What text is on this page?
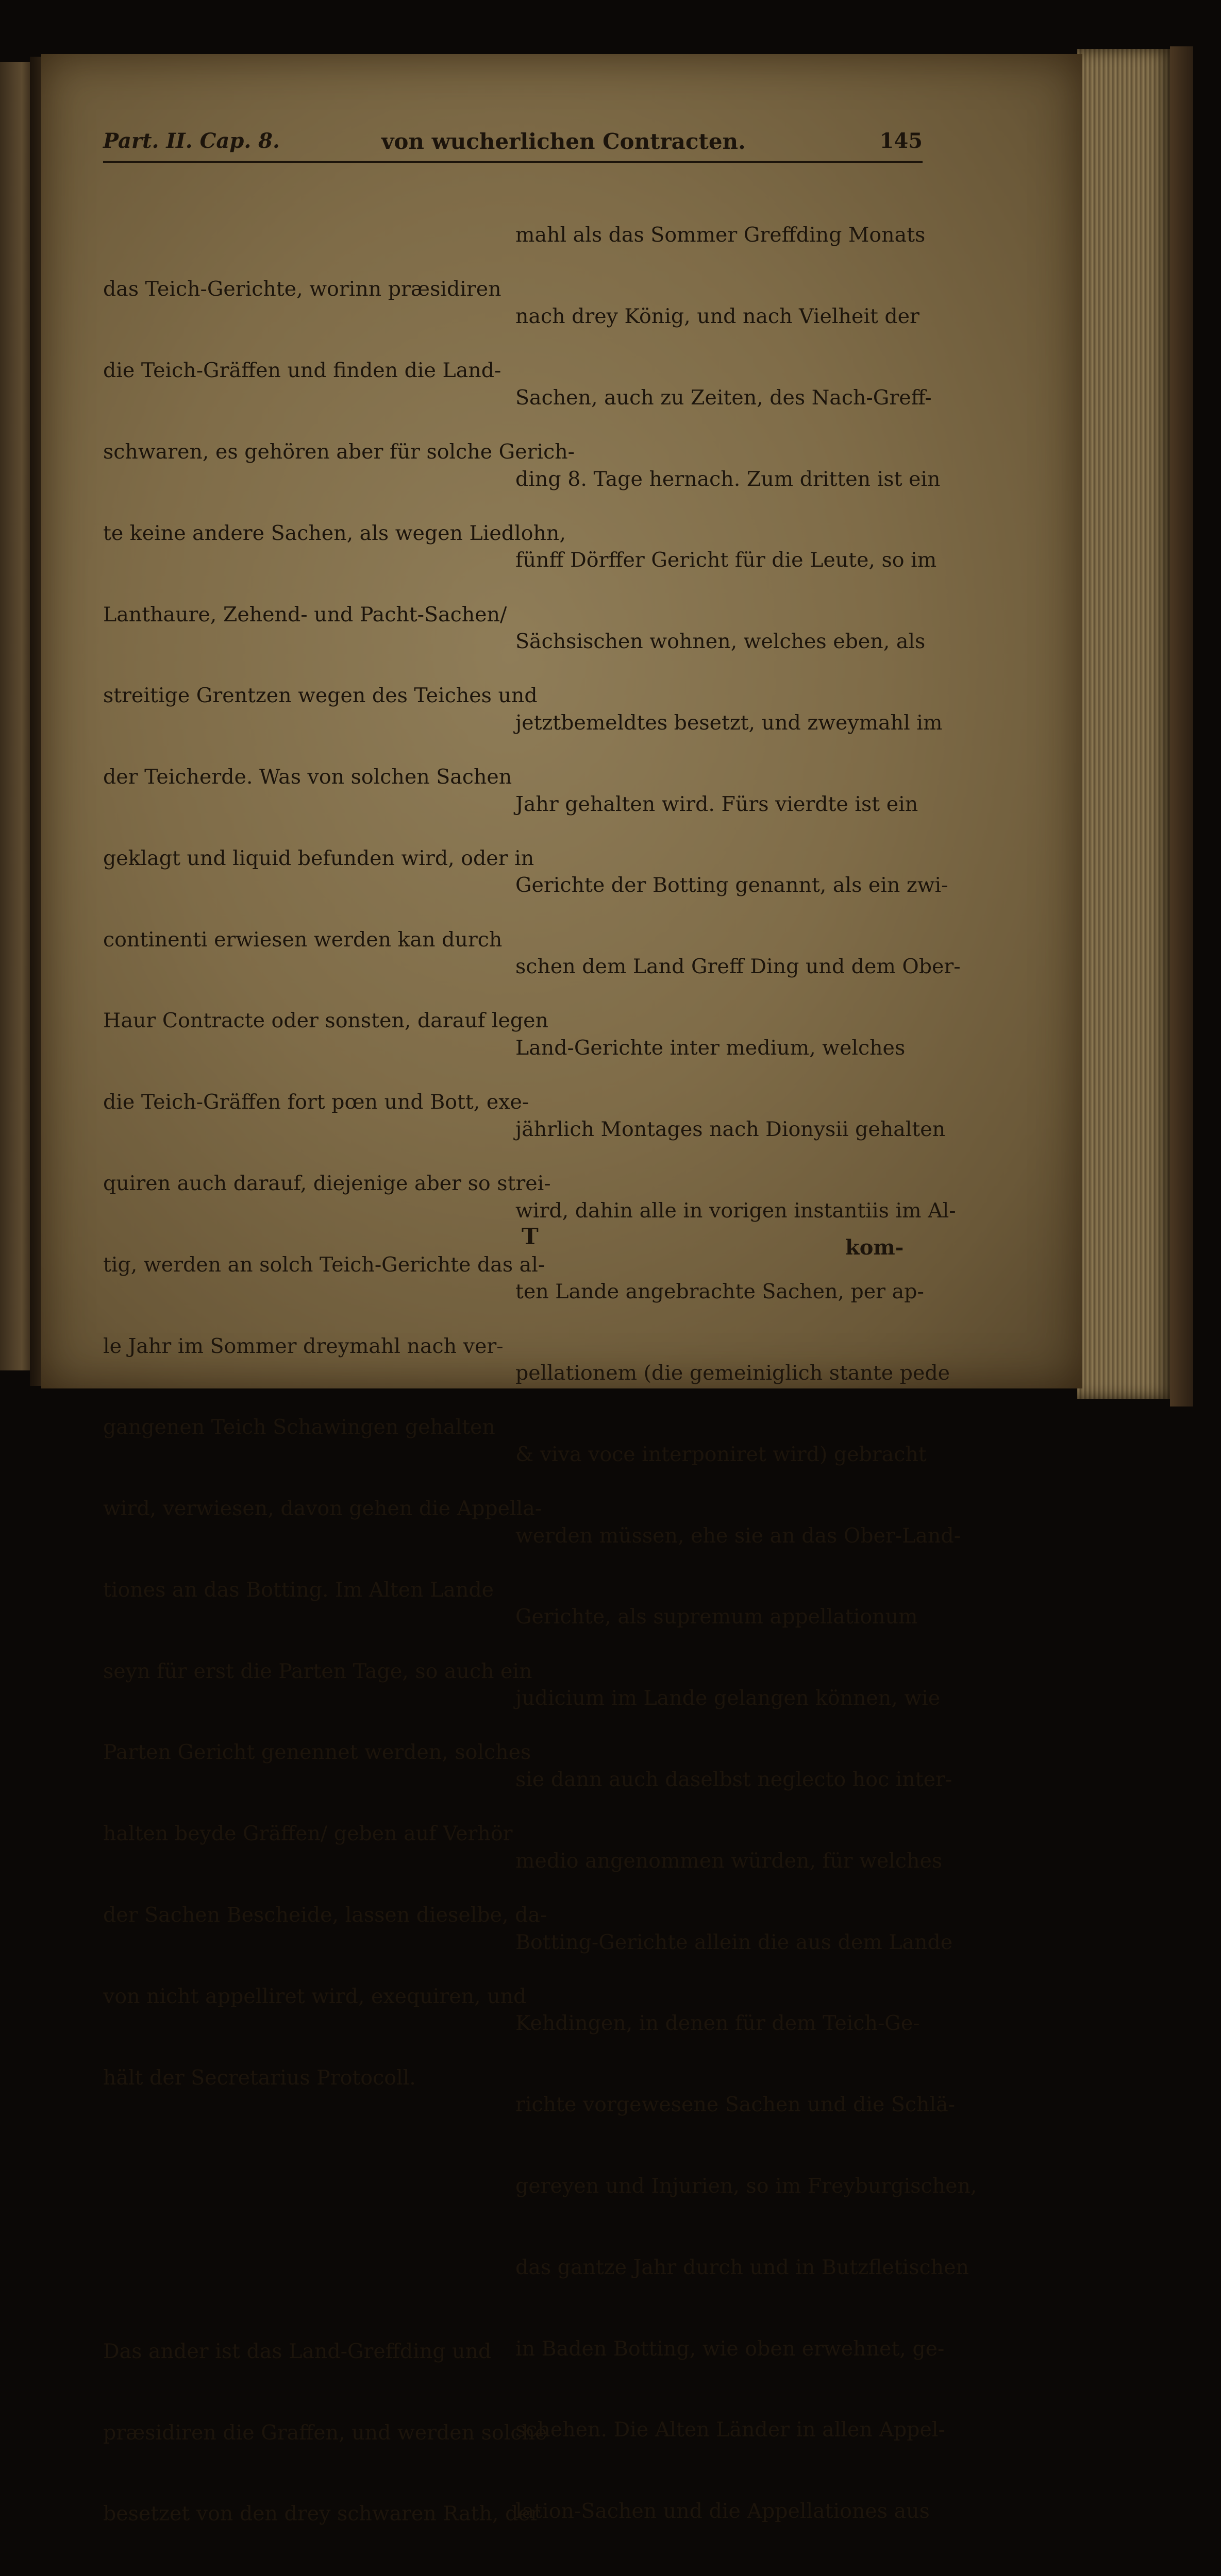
Part. II. Cap. 8.	von wucherlichen Contracten.	145

das Teich-Gerichte, worinn præsidiren

die Teich-Gräffen und finden die Land-

schwaren, es gehören aber für solche Gerich-

te keine andere Sachen, als wegen Liedlohn,

Lanthaure, Zehend- und Pacht-Sachen/

streitige Grentzen wegen des Teiches und

der Teicherde. Was von solchen Sachen

geklagt und liquid befunden wird, oder in

continenti erwiesen werden kan durch

Haur Contracte oder sonsten, darauf legen

die Teich-Gräffen fort pœn und Bott, exe-

quiren auch darauf, diejenige aber so strei-

tig, werden an solch Teich-Gerichte das al-

le Jahr im Sommer dreymahl nach ver-

gangenen Teich Schawingen gehalten

wird, verwiesen, davon gehen die Appella-

tiones an das Botting. Im Alten Lande

seyn für erst die Parten Tage, so auch ein

Parten Gericht genennet werden, solches

halten beyde Gräffen/ geben auf Verhör

der Sachen Bescheide, lassen dieselbe, da-

von nicht appelliret wird, exequiren, und

hält der Secretarius Protocoll.

Das ander ist das Land-Greffding und

præsidiren die Graffen, und werden solche

besetzet von den drey schwaren Rath, der

mahl als das Sommer Greffding Monats

nach drey König, und nach Vielheit der

Sachen, auch zu Zeiten, des Nach-Greff-

ding 8. Tage hernach. Zum dritten ist ein

fünff Dörffer Gericht für die Leute, so im

Sächsischen wohnen, welches eben, als

jetztbemeldtes besetzt, und zweymahl im

Jahr gehalten wird. Fürs vierdte ist ein

Gerichte der Botting genannt, als ein zwi-

schen dem Land Greff Ding und dem Ober-

Land-Gerichte inter medium, welches

jährlich Montages nach Dionysii gehalten

wird, dahin alle in vorigen instantiis im Al-

ten Lande angebrachte Sachen, per ap-

pellationem (die gemeiniglich stante pede

& viva voce interponiret wird) gebracht

werden müssen, ehe sie an das Ober-Land-

Gerichte, als supremum appellationum

judicium im Lande gelangen können, wie

sie dann auch daselbst neglecto hoc inter-

medio angenommen würden, für welches

Botting-Gerichte allein die aus dem Lande

Kehdingen, in denen für dem Teich-Ge-

richte vorgewesene Sachen und die Schlä-

gereyen und Injurien, so im Freyburgischen,

das gantze Jahr durch und in Butzfletischen

in Baden Botting, wie oben erwehnet, ge-

schehen. Die Alten Länder in allen Appel-

lation-Sachen und die Appellationes aus

T	kom-
